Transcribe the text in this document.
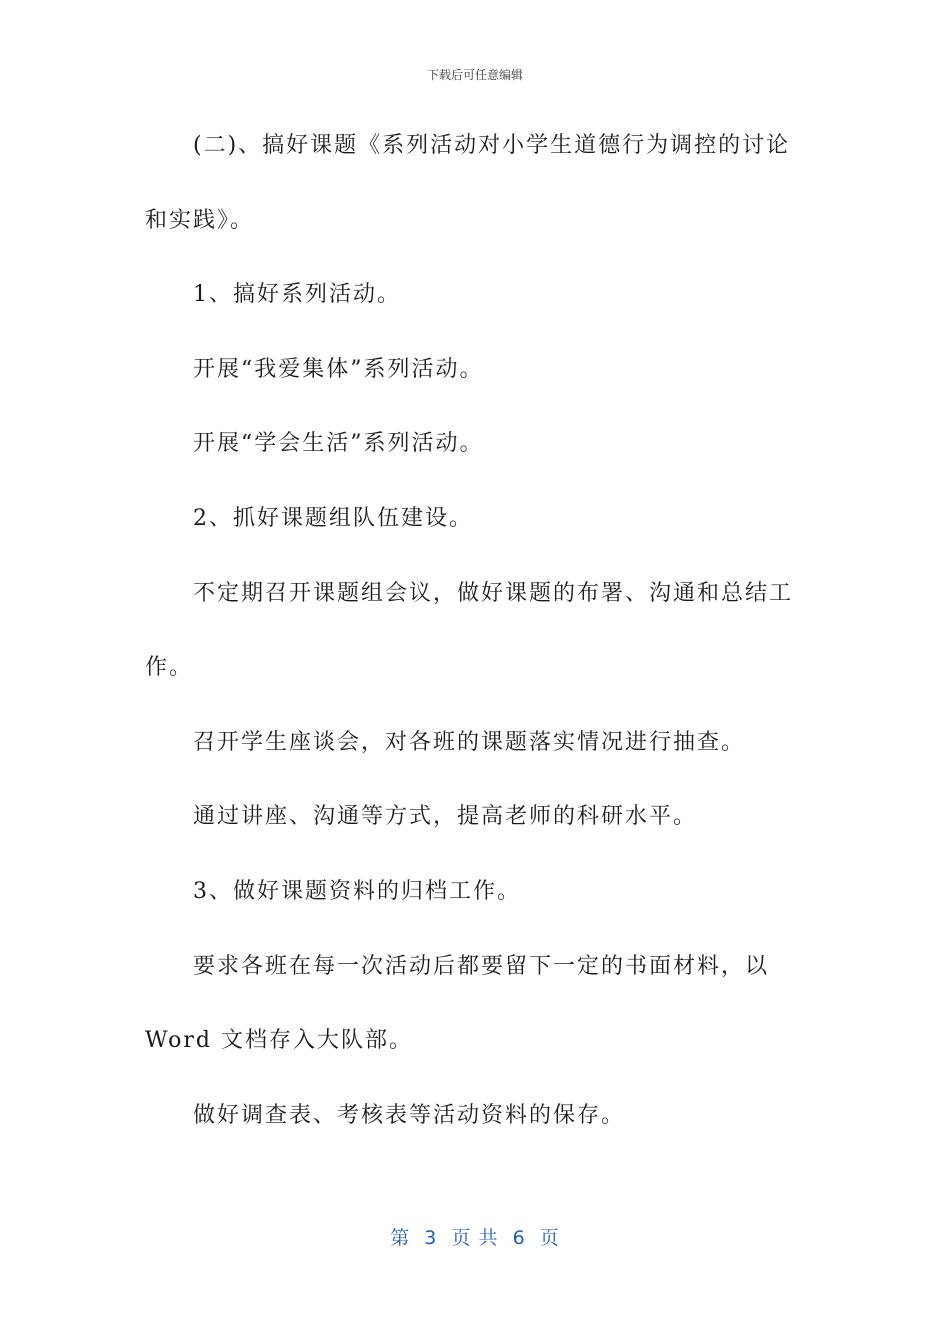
下载后可任意编辑
(二)、搞好课题《系列活动对小学生道德行为调控的讨论
和实践》。
1、搞好系列活动。
开展“我爱集体”系列活动。
开展“学会生活”系列活动。
2、抓好课题组队伍建设。
不定期召开课题组会议，做好课题的布署、沟通和总结工
作。
召开学生座谈会，对各班的课题落实情况进行抽查。
通过讲座、沟通等方式，提高老师的科研水平。
3、做好课题资料的归档工作。
要求各班在每一次活动后都要留下一定的书面材料，以
Word 文档存入大队部。
做好调查表、考核表等活动资料的保存。
第  3  页 共  6  页
